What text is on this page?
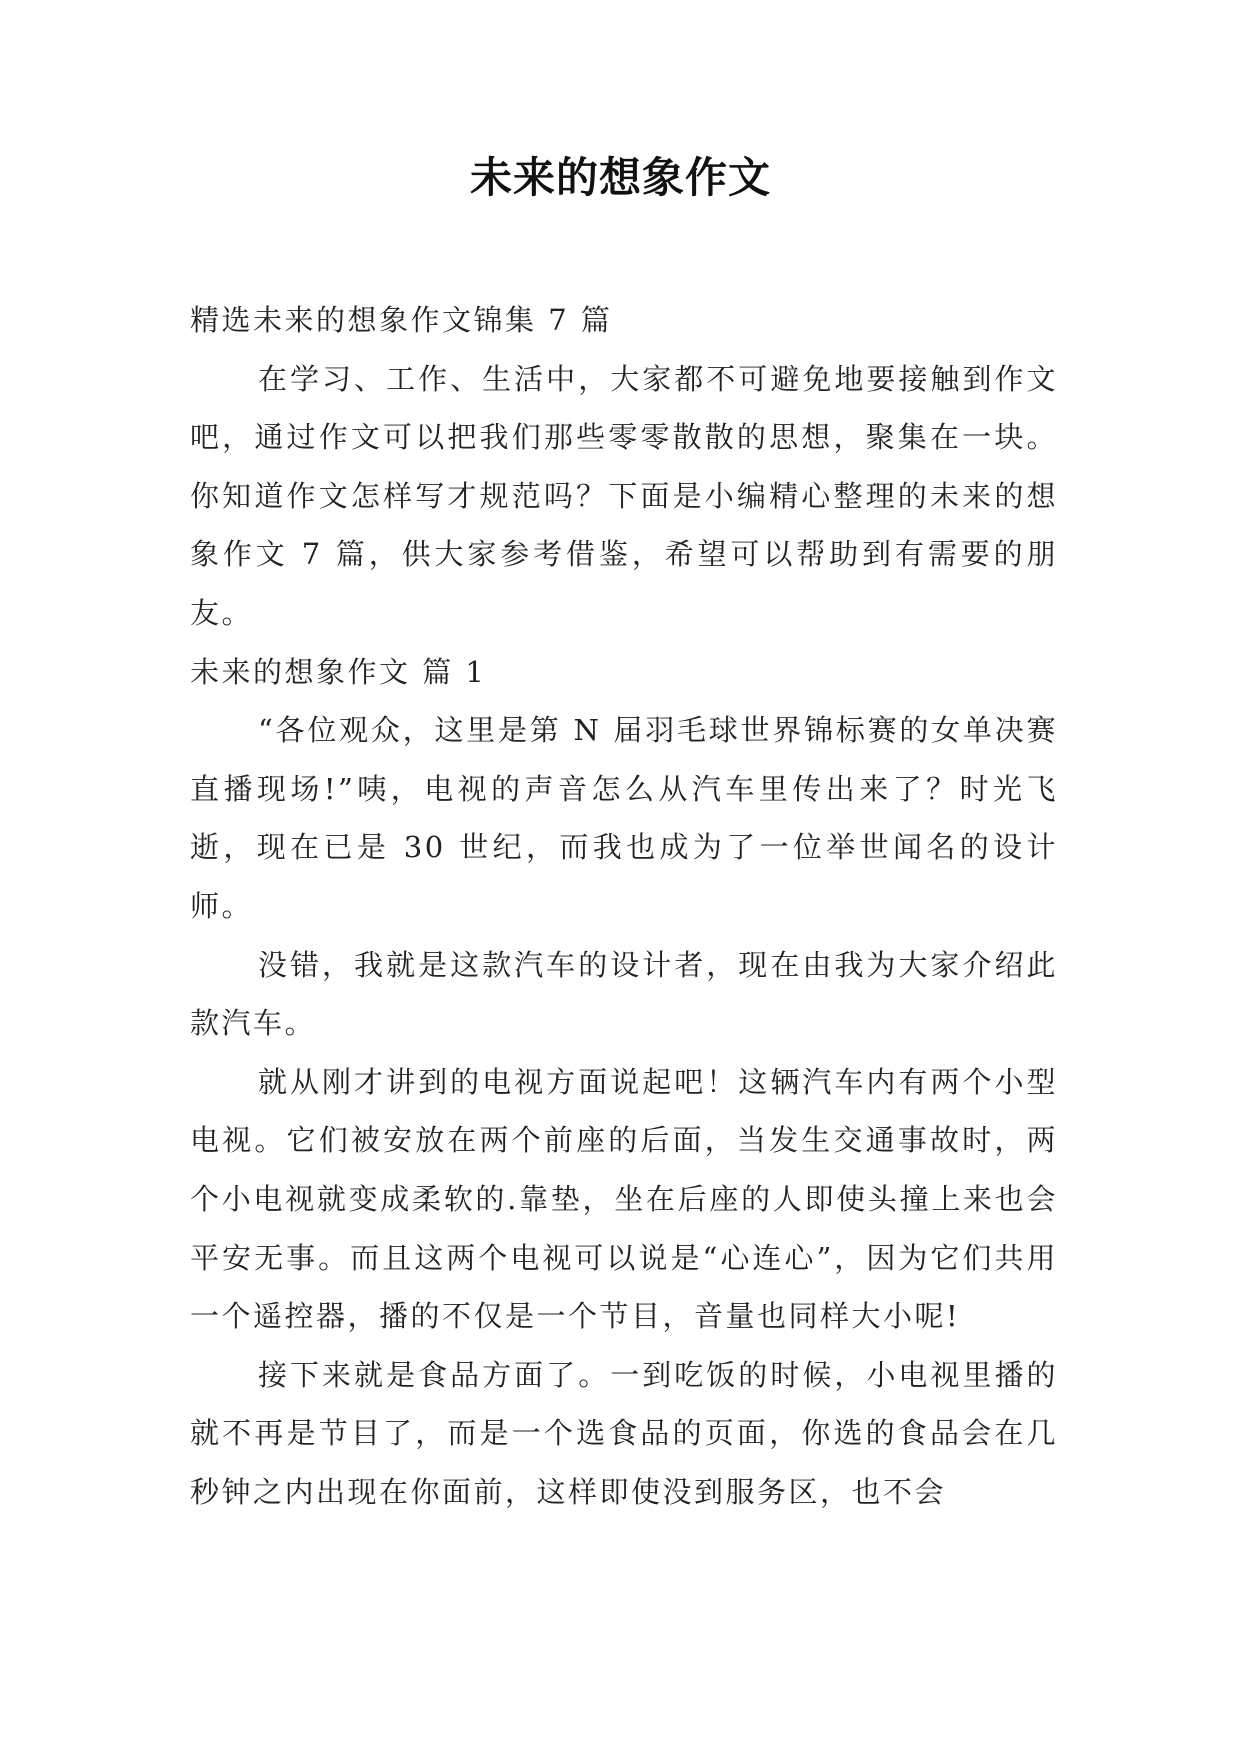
未来的想象作文

精选未来的想象作文锦集 7 篇

在学习、工作、生活中，大家都不可避免地要接触到作文吧，通过作文可以把我们那些零零散散的思想，聚集在一块。你知道作文怎样写才规范吗？下面是小编精心整理的未来的想象作文 7 篇，供大家参考借鉴，希望可以帮助到有需要的朋友。

未来的想象作文 篇 1

“各位观众，这里是第 N 届羽毛球世界锦标赛的女单决赛直播现场!”咦，电视的声音怎么从汽车里传出来了？时光飞逝，现在已是 30 世纪，而我也成为了一位举世闻名的设计师。

没错，我就是这款汽车的设计者，现在由我为大家介绍此款汽车。

就从刚才讲到的电视方面说起吧！这辆汽车内有两个小型电视。它们被安放在两个前座的后面，当发生交通事故时，两个小电视就变成柔软的.靠垫，坐在后座的人即使头撞上来也会平安无事。而且这两个电视可以说是“心连心”，因为它们共用一个遥控器，播的不仅是一个节目，音量也同样大小呢!

接下来就是食品方面了。一到吃饭的时候，小电视里播的就不再是节目了，而是一个选食品的页面，你选的食品会在几秒钟之内出现在你面前，这样即使没到服务区，也不会
